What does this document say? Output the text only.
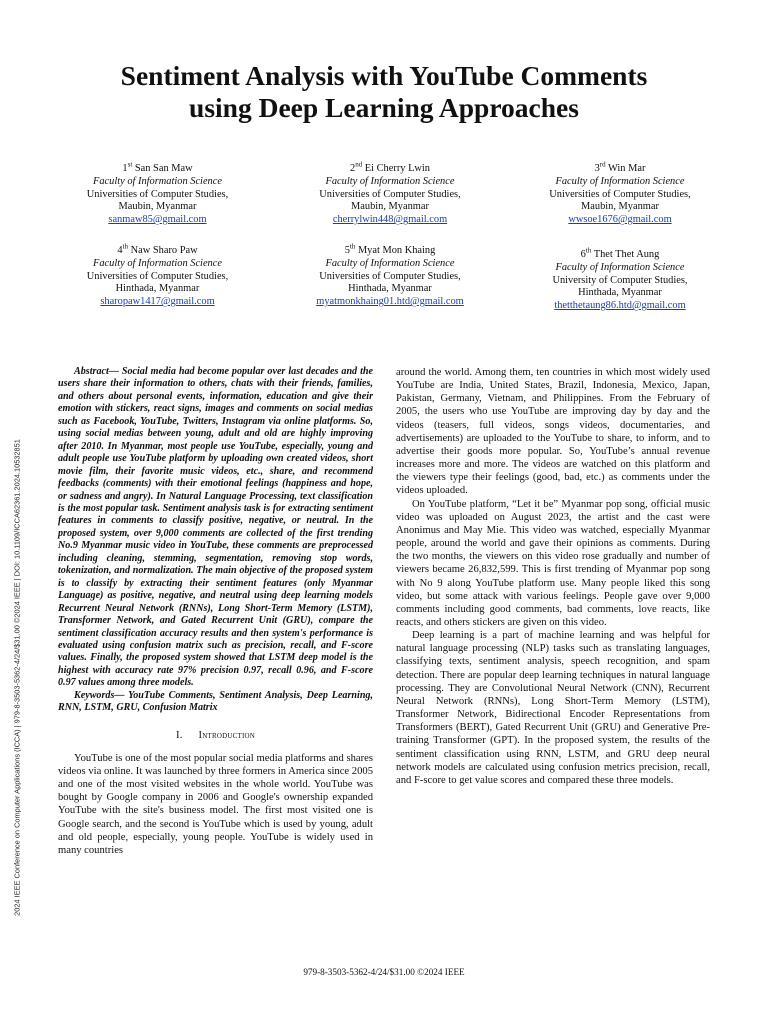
2024 IEEE Conference on Computer Applications (ICCA) | 979-8-3503-5362-4/24/$31.00 ©2024 IEEE | DOI: 10.1109/ICCA62361.2024.10532851
Sentiment Analysis with YouTube Comments
using Deep Learning Approaches
1st San San Maw
Faculty of Information Science
Universities of Computer Studies,
Maubin, Myanmar
sanmaw85@gmail.com
2nd Ei Cherry Lwin
Faculty of Information Science
Universities of Computer Studies,
Maubin, Myanmar
cherrylwin448@gmail.com
3rd Win Mar
Faculty of Information Science
Universities of Computer Studies,
Maubin, Myanmar
wwsoe1676@gmail.com
4th Naw Sharo Paw
Faculty of Information Science
Universities of Computer Studies,
Hinthada, Myanmar
sharopaw1417@gmail.com
5th Myat Mon Khaing
Faculty of Information Science
Universities of Computer Studies,
Hinthada, Myanmar
myatmonkhaing01.htd@gmail.com
6th Thet Thet Aung
Faculty of Information Science
University of Computer Studies,
Hinthada, Myanmar
thetthetaung86.htd@gmail.com

Abstract— Social media had become popular over last decades and the users share their information to others, chats with their friends, families, and others about personal events, information, education and give their emotion with stickers, react signs, images and comments on social medias such as Facebook, YouTube, Twitters, Instagram via online platforms. So, using social medias between young, adult and old are highly improving after 2010. In Myanmar, most people use YouTube, especially, young and adult people use YouTube platform by uploading own created videos, short movie film, their favorite music videos, etc., share, and recommend feedbacks (comments) with their emotional feelings (happiness and hope, or sadness and angry). In Natural Language Processing, text classification is the most popular task. Sentiment analysis task is for extracting sentiment features in comments to classify positive, negative, or neutral. In the proposed system, over 9,000 comments are collected of the first trending No.9 Myanmar music video in YouTube, these comments are preprocessed including cleaning, stemming, segmentation, removing stop words, tokenization, and normalization. The main objective of the proposed system is to classify by extracting their sentiment features (only Myanmar Language) as positive, negative, and neutral using deep learning models Recurrent Neural Network (RNNs), Long Short-Term Memory (LSTM), Transformer Network, and Gated Recurrent Unit (GRU), compare the sentiment classification accuracy results and then system's performance is evaluated using confusion matrix such as precision, recall, and F-score values. Finally, the proposed system showed that LSTM deep model is the highest with accuracy rate 97% precision 0.97, recall 0.96, and F-score 0.97 values among three models.

Keywords— YouTube Comments, Sentiment Analysis, Deep Learning, RNN, LSTM, GRU, Confusion Matrix

I. Introduction

YouTube is one of the most popular social media platforms and shares videos via online. It was launched by three formers in America since 2005 and one of the most visited websites in the whole world. YouTube was bought by Google company in 2006 and Google's ownership expanded YouTube with the site's business model. The first most visited one is Google search, and the second is YouTube which is used by young, adult and old people, especially, young people. YouTube is widely used in many countries

around the world. Among them, ten countries in which most widely used YouTube are India, United States, Brazil, Indonesia, Mexico, Japan, Pakistan, Germany, Vietnam, and Philippines. From the February of 2005, the users who use YouTube are improving day by day and the videos (teasers, full videos, songs videos, documentaries, and advertisements) are uploaded to the YouTube to share, to inform, and to advertise their goods more popular. So, YouTube’s annual revenue increases more and more. The videos are watched on this platform and the viewers type their feelings (good, bad, etc.) as comments under the videos uploaded.

On YouTube platform, “Let it be” Myanmar pop song, official music video was uploaded on August 2023, the artist and the cast were Anonimus and May Mie. This video was watched, especially Myanmar people, around the world and gave their opinions as comments. During the two months, the viewers on this video rose gradually and number of viewers became 26,832,599. This is first trending of Myanmar pop song with No 9 along YouTube platform use. Many people liked this song video, but some attack with various feelings. People gave over 9,000 comments including good comments, bad comments, love reacts, like reacts, and others stickers are given on this video.

Deep learning is a part of machine learning and was helpful for natural language processing (NLP) tasks such as translating languages, classifying texts, sentiment analysis, speech recognition, and spam detection. There are popular deep learning techniques in natural language processing. They are Convolutional Neural Network (CNN), Recurrent Neural Network (RNNs), Long Short-Term Memory (LSTM), Transformer Network, Bidirectional Encoder Representations from Transformers (BERT), Gated Recurrent Unit (GRU) and Generative Pre-training Transformer (GPT). In the proposed system, the results of the sentiment classification using RNN, LSTM, and GRU deep neural network models are calculated using confusion metrics precision, recall, and F-score to get value scores and compared these three models.

979-8-3503-5362-4/24/$31.00 ©2024 IEEE
